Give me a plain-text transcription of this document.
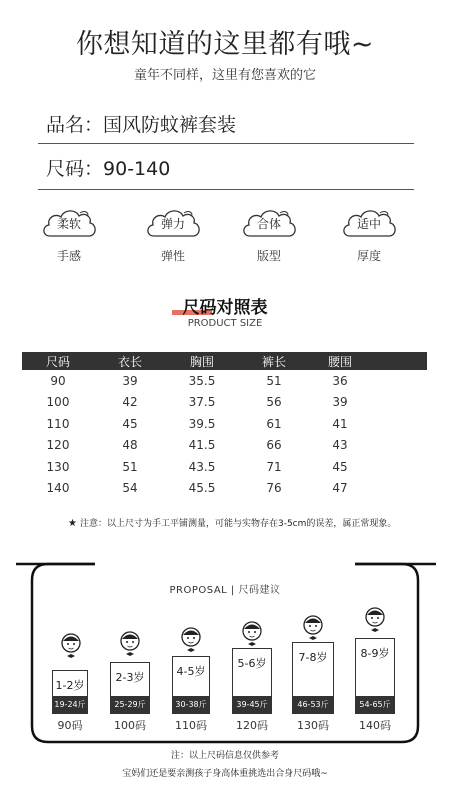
你想知道的这里都有哦~
童年不同样，这里有您喜欢的它
品名：国风防蚊裤套装
尺码：90-140
柔软
手感
弹力
弹性
合体
版型
适中
厚度
尺码对照表
PRODUCT SIZE
尺码	衣长	胸围	裤长	腰围	
90	39	35.5	51	36	
100	42	37.5	56	39	
110	45	39.5	61	41	
120	48	41.5	66	43	
130	51	43.5	71	45	
140	54	45.5	76	47	
★ 注意：以上尺寸为手工平铺测量，可能与实物存在3-5cm的误差，属正常现象。
PROPOSAL | 尺码建议
1-2岁
19-24斤
90码
2-3岁
25-29斤
100码
4-5岁
30-38斤
110码
5-6岁
39-45斤
120码
7-8岁
46-53斤
130码
8-9岁
54-65斤
140码
注：以上尺码信息仅供参考
宝妈们还是要亲测孩子身高体重挑选出合身尺码哦~
